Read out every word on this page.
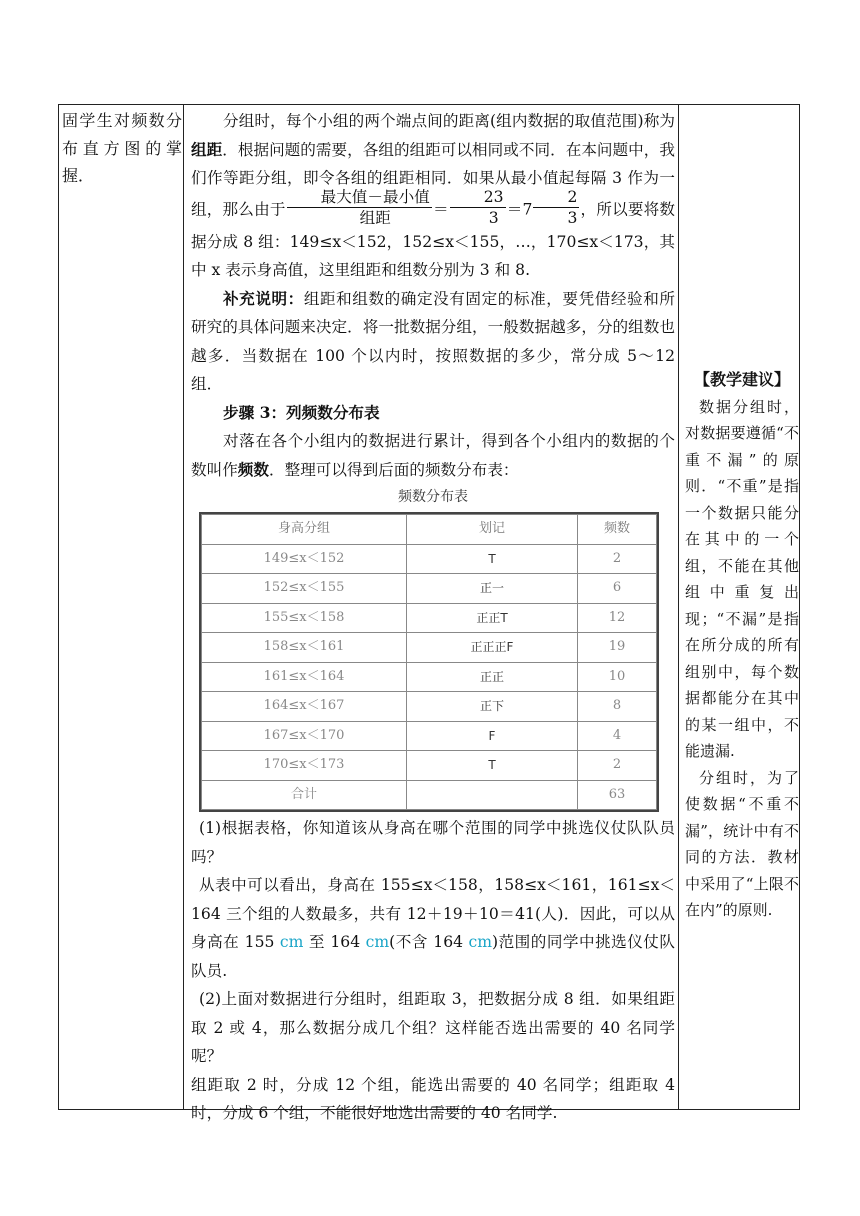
固学生对频数分布直方图的掌握．

分组时，每个小组的两个端点间的距离(组内数据的取值范围)称为组距．根据问题的需要，各组的组距可以相同或不同．在本问题中，我们作等距分组，即令各组的组距相同．如果从最小值起每隔 3 作为一组，那么由于 $\frac{\text{最大值－最小值}}{\text{组距}} = \frac{23}{3} =7 \frac{2}{3}$ ，所以要将数据分成 8 组：149≤x＜152，152≤x＜155，…，170≤x＜173，其中 x 表示身高值，这里组距和组数分别为 3 和 8.

补充说明：组距和组数的确定没有固定的标准，要凭借经验和所研究的具体问题来决定．将一批数据分组，一般数据越多，分的组数也越多．当数据在 100 个以内时，按照数据的多少，常分成 5～12 组．

步骤 3：列频数分布表

对落在各个小组内的数据进行累计，得到各个小组内的数据的个数叫作频数．整理可以得到后面的频数分布表：

频数分布表
身高分组	划记	频数
149≤x＜152	T	2
152≤x＜155	正一	6
155≤x＜158	正正T	12
158≤x＜161	正正正F	19
161≤x＜164	正正	10
164≤x＜167	正下	8
167≤x＜170	F	4
170≤x＜173	T	2
合计		63

(1)根据表格，你知道该从身高在哪个范围的同学中挑选仪仗队队员吗？

从表中可以看出，身高在 155≤x＜158，158≤x＜161，161≤x＜164 三个组的人数最多，共有 12＋19＋10＝41(人)．因此，可以从身高在 155 cm 至 164 cm(不含 164 cm)范围的同学中挑选仪仗队队员.

(2)上面对数据进行分组时，组距取 3，把数据分成 8 组．如果组距取 2 或 4，那么数据分成几个组？这样能否选出需要的 40 名同学呢？

组距取 2 时，分成 12 个组，能选出需要的 40 名同学；组距取 4 时，分成 6 个组，不能很好地选出需要的 40 名同学.

【教学建议】

数据分组时，对数据要遵循“不重不漏”的原则．“不重”是指一个数据只能分在其中的一个组，不能在其他组中重复出现；“不漏”是指在所分成的所有组别中，每个数据都能分在其中的某一组中，不能遗漏.

分组时，为了使数据“不重不漏”，统计中有不同的方法．教材中采用了“上限不在内”的原则.
